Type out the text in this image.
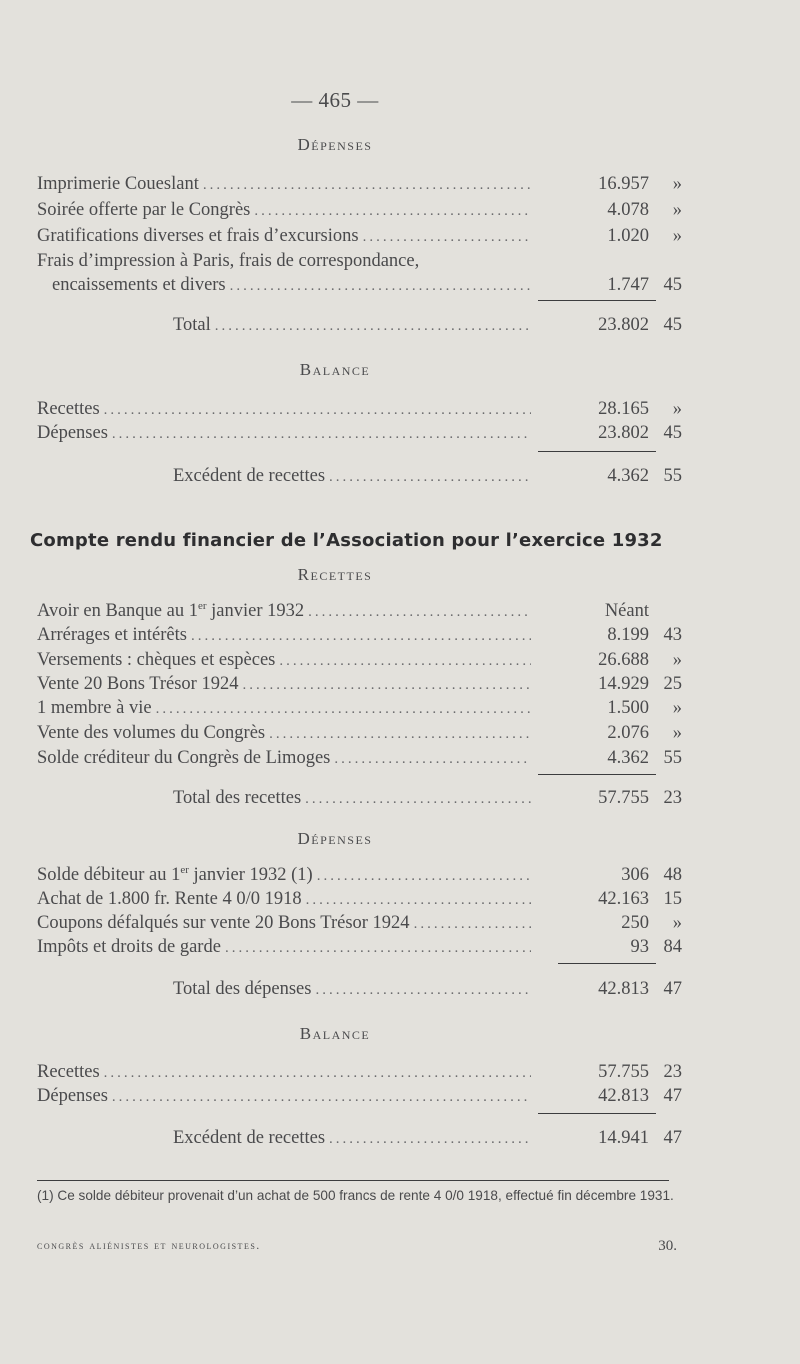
— 465 —
Dépenses
Imprimerie Coueslant .....	16.957	»
Soirée offerte par le Congrès .....	4.078	»
Gratifications diverses et frais d’excursions .....	1.020	»
Frais d’impression à Paris, frais de correspondance,
encaissements et divers .....	1.747 45
Total .....	23.802 45
Balance
Recettes .....	28.165	»
Dépenses .....	23.802 45
Excédent de recettes .....	4.362 55
Compte rendu financier de l’Association pour l’exercice 1932
Recettes
Avoir en Banque au 1er janvier 1932 .....	Néant
Arrérages et intérêts .....	8.199 43
Versements : chèques et espèces .....	26.688	»
Vente 20 Bons Trésor 1924 .....	14.929 25
1 membre à vie .....	1.500	»
Vente des volumes du Congrès .....	2.076	»
Solde créditeur du Congrès de Limoges .....	4.362 55
Total des recettes .....	57.755 23
Dépenses
Solde débiteur au 1er janvier 1932 (1) .....	306 48
Achat de 1.800 fr. Rente 4 0/0 1918 .....	42.163 15
Coupons défalqués sur vente 20 Bons Trésor 1924 .....	250	»
Impôts et droits de garde .....	93 84
Total des dépenses .....	42.813 47
Balance
Recettes .....	57.755 23
Dépenses .....	42.813 47
Excédent de recettes .....	14.941 47
(1) Ce solde débiteur provenait d’un achat de 500 francs de rente 4 0/0 1918, effectué fin décembre 1931.
congrès aliénistes et neurologistes.	30.
